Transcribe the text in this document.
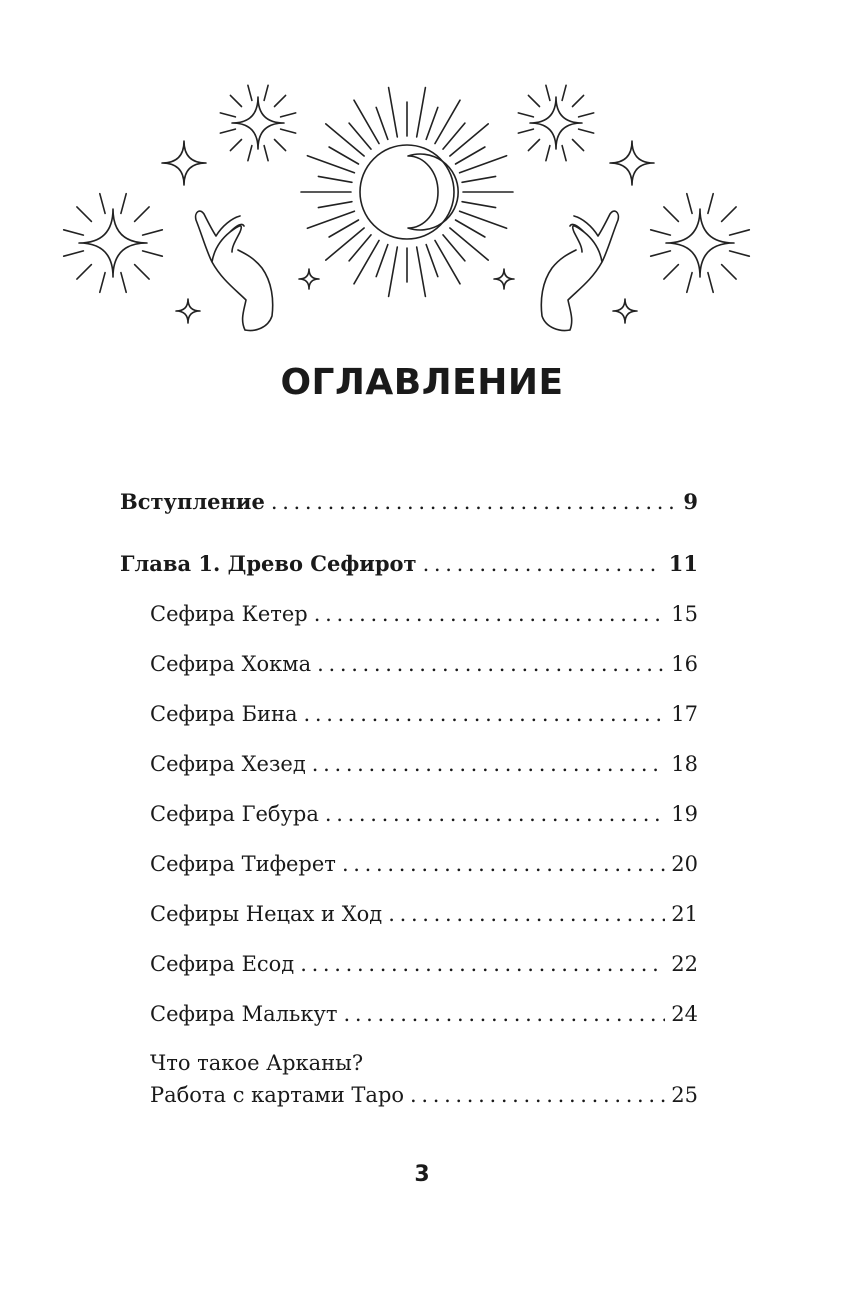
ОГЛАВЛЕНИЕ
Вступление . . .	9
Глава 1. Древо Сефирот . . .	11
Сефира Кетер . . .	15
Сефира Хокма . . .	16
Сефира Бина . . .	17
Сефира Хезед . . .	18
Сефира Гебура . . .	19
Сефира Тиферет . . .	20
Сефиры Нецах и Ход . . .	21
Сефира Есод . . .	22
Сефира Малькут . . .	24
Что такое Арканы?
Работа с картами Таро . . .	25
3
